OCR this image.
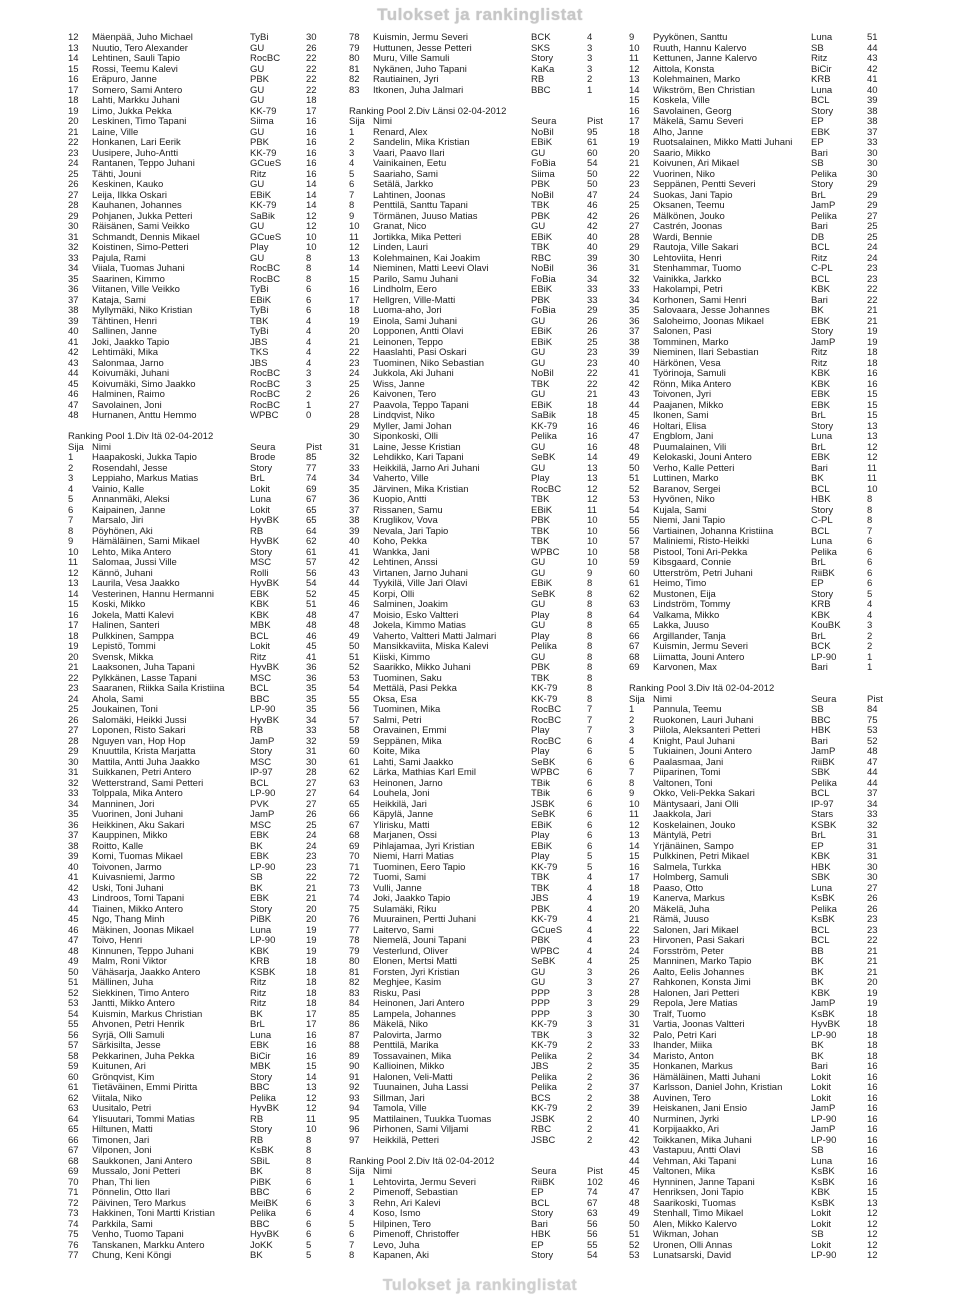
Tulokset ja rankinglistat
12	Mäenpää, Juho Michael	TyBi	30
13	Nuutio, Tero Alexander	GU	26
14	Lehtinen, Sauli Tapio	RocBC	22
15	Rossi, Teemu Kalevi	GU	22
16	Eräpuro, Janne	PBK	22
17	Somero, Sami Antero	GU	22
18	Lahti, Markku Juhani	GU	18
19	Limo, Jukka Pekka	KK-79	17
20	Leskinen, Timo Tapani	Siima	16
21	Laine, Ville	GU	16
22	Honkanen, Lari Eerik	PBK	16
23	Uusipere, Juho-Antti	KK-79	16
24	Rantanen, Teppo Juhani	GCueS	16
25	Tähti, Jouni	Ritz	16
26	Keskinen, Kauko	GU	14
27	Leija, Ilkka Oskari	EBiK	14
28	Kauhanen, Johannes	KK-79	14
29	Pohjanen, Jukka Petteri	SaBik	12
30	Räisänen, Sami Veikko	GU	12
31	Schmandt, Dennis Mikael	GCueS	10
32	Koistinen, Simo-Petteri	Play	10
33	Pajula, Rami	GU	8
34	Viiala, Tuomas Juhani	RocBC	8
35	Saarinen, Kimmo	RocBC	8
36	Viitanen, Ville Veikko	TyBi	6
37	Kataja, Sami	EBiK	6
38	Myllymäki, Niko Kristian	TyBi	6
39	Tähtinen, Henri	TBK	4
40	Sallinen, Janne	TyBi	4
41	Joki, Jaakko Tapio	JBS	4
42	Lehtimäki, Mika	TKS	4
43	Salonmaa, Jarno	JBS	4
44	Koivumäki, Juhani	RocBC	3
45	Koivumäki, Simo Jaakko	RocBC	3
46	Halminen, Raimo	RocBC	2
47	Savolainen, Joni	RocBC	1
48	Hurnanen, Anttu Hemmo	WPBC	0
Ranking Pool 1.Div Itä 02-04-2012
Sija Nimi	Seura	Pist
1	Haapakoski, Jukka Tapio	Brode	85
2	Rosendahl, Jesse	Story	77
3	Leppiaho, Markus Matias	BrL	74
4	Vainio, Kalle	Lokit	69
5	Annanmäki, Aleksi	Luna	67
6	Kaipainen, Janne	Lokit	65
7	Marsalo, Jiri	HyvBK	65
8	Pöyhönen, Aki	RB	64
9	Hämäläinen, Sami Mikael	HyvBK	62
10	Lehto, Mika Antero	Story	61
11	Salomaa, Jussi Ville	MSC	57
12	Kännö, Juhani	Rolli	56
13	Laurila, Vesa Jaakko	HyvBK	54
14	Vesterinen, Hannu Hermanni	EBK	52
15	Koski, Mikko	KBK	51
16	Jokela, Matti Kalevi	KBK	48
17	Halinen, Santeri	MBK	48
18	Pulkkinen, Samppa	BCL	46
19	Lepistö, Tommi	Lokit	45
20	Svensk, Mikka	Ritz	41
21	Laaksonen, Juha Tapani	HyvBK	36
22	Pylkkänen, Lasse Tapani	MSC	36
23	Saaranen, Riikka Saila Kristiina	BCL	35
24	Ahola, Sami	BBC	35
25	Joukainen, Toni	LP-90	35
26	Salomäki, Heikki Jussi	HyvBK	34
27	Loponen, Risto Sakari	RB	33
28	Nguyen van, Hop Hop	JamP	32
29	Knuuttila, Krista Marjatta	Story	31
30	Mattila, Antti Juha Jaakko	MSC	30
31	Suikkanen, Petri Antero	IP-97	28
32	Wetterstrand, Sami Petteri	BCL	27
33	Tolppala, Mika Antero	LP-90	27
34	Manninen, Jori	PVK	27
35	Vuorinen, Joni Juhani	JamP	26
36	Heikkinen, Aku Sakari	MSC	25
37	Kauppinen, Mikko	EBK	24
38	Roitto, Kalle	BK	24
39	Komi, Tuomas Mikael	EBK	23
40	Toivonen, Jarmo	LP-90	23
41	Kuivasniemi, Jarmo	SB	22
42	Uski, Toni Juhani	BK	21
43	Lindroos, Tomi Tapani	EBK	21
44	Tiainen, Mikko Antero	Story	20
45	Ngo, Thang Minh	PiBK	20
46	Mäkinen, Joonas Mikael	Luna	19
47	Toivo, Henri	LP-90	19
48	Kinnunen, Teppo Juhani	KBK	19
49	Malm, Roni Viktor	KRB	18
50	Vähäsarja, Jaakko Antero	KSBK	18
51	Mällinen, Juha	Ritz	18
52	Siekkinen, Timo Antero	Ritz	18
53	Jantti, Mikko Antero	Ritz	18
54	Kuismin, Markus Christian	BK	17
55	Ahvonen, Petri Henrik	BrL	17
56	Syrjä, Olli Samuli	Luna	16
57	Särkisilta, Jesse	EBK	16
58	Pekkarinen, Juha Pekka	BiCir	16
59	Kuitunen, Ari	MBK	15
60	Grönqvist, Kim	Story	14
61	Tietäväinen, Emmi Piritta	BBC	13
62	Viitala, Niko	Pelika	12
63	Uusitalo, Petri	HyvBK	12
64	Ylisuutari, Tommi Matias	RB	11
65	Hiltunen, Matti	Story	10
66	Timonen, Jari	RB	8
67	Vilponen, Joni	KsBK	8
68	Saukkonen, Jani Antero	SBiL	8
69	Mussalo, Joni Petteri	BK	8
70	Phan, Thi lien	PiBK	6
71	Pönnelin, Otto Ilari	BBC	6
72	Päivinen, Tero Markus	MeiBK	6
73	Hakkinen, Toni Martti Kristian	Pelika	6
74	Parkkila, Sami	BBC	6
75	Venho, Tuomo Tapani	HyvBK	6
76	Tanskanen, Markku Antero	JoKK	5
77	Chung, Keni Köngi	BK	5
78	Kuismin, Jermu Severi	BCK	4
79	Huttunen, Jesse Petteri	SKS	3
80	Muru, Ville Samuli	Story	3
81	Nykänen, Juho Tapani	KaKa	3
82	Rautiainen, Jyri	RB	2
83	Itkonen, Juha Jalmari	BBC	1
Ranking Pool 2.Div Länsi 02-04-2012
Sija Nimi	Seura	Pist
1	Renard, Alex	NoBil	95
2	Sandelin, Mika Kristian	EBiK	61
3	Vaari, Paavo Ilari	GU	60
4	Vainikainen, Eetu	FoBia	54
5	Saariaho, Sami	Siima	50
6	Setälä, Jarkko	PBK	50
7	Lahtinen, Joonas	NoBil	47
8	Penttilä, Santtu Tapani	TBK	46
9	Törmänen, Juuso Matias	PBK	42
10	Granat, Nico	GU	42
11	Jortikka, Mika Petteri	EBiK	40
12	Linden, Lauri	TBK	40
13	Kolehmainen, Kai Joakim	RBC	39
14	Nieminen, Matti Leevi Olavi	NoBil	36
15	Parilo, Samu Juhani	FoBia	34
16	Lindholm, Eero	EBiK	33
17	Hellgren, Ville-Matti	PBK	33
18	Luoma-aho, Jori	FoBia	29
19	Einola, Sami Juhani	GU	26
20	Lopponen, Antti Olavi	EBiK	26
21	Leinonen, Teppo	EBiK	25
22	Haaslahti, Pasi Oskari	GU	23
23	Tuominen, Niko Sebastian	GU	23
24	Jukkola, Aki Juhani	NoBil	22
25	Wiss, Janne	TBK	22
26	Kaivonen, Tero	GU	21
27	Paavola, Teppo Tapani	EBiK	18
28	Lindqvist, Niko	SaBik	18
29	Myller, Jami Johan	KK-79	16
30	Siponkoski, Olli	Pelika	16
31	Laine, Jesse Kristian	GU	16
32	Lehdikko, Kari Tapani	SeBK	14
33	Heikkilä, Jarno Ari Juhani	GU	13
34	Vaherto, Ville	Play	13
35	Järvinen, Mika Kristian	RocBC	12
36	Kuopio, Antti	TBK	12
37	Rissanen, Samu	EBiK	11
38	Kruglikov, Vova	PBK	10
39	Nevala, Jari Tapio	TBK	10
40	Koho, Pekka	TBK	10
41	Wankka, Jani	WPBC	10
42	Lehtinen, Anssi	GU	10
43	Virtanen, Jarno Juhani	GU	9
44	Tyykilä, Ville Jari Olavi	EBiK	8
45	Korpi, Olli	SeBK	8
46	Salminen, Joakim	GU	8
47	Moisio, Esko Valtteri	Play	8
48	Jokela, Kimmo Matias	GU	8
49	Vaherto, Valtteri Matti Jalmari	Play	8
50	Mansikkaviita, Miska Kalevi	Pelika	8
51	Kiiski, Kimmo	GU	8
52	Saarikko, Mikko Juhani	PBK	8
53	Tuominen, Saku	TBK	8
54	Mettälä, Pasi Pekka	KK-79	8
55	Oksa, Esa	KK-79	8
56	Tuominen, Mika	RocBC	7
57	Salmi, Petri	RocBC	7
58	Oravainen, Emmi	Play	7
59	Seppänen, Mika	RocBC	6
60	Koite, Mika	Play	6
61	Lahti, Sami Jaakko	SeBK	6
62	Lärka, Mathias Karl Emil	WPBC	6
63	Heinonen, Jarno	TBik	6
64	Louhela, Joni	TBik	6
65	Heikkilä, Jari	JSBK	6
66	Käpylä, Janne	SeBK	6
67	Ylirisku, Matti	EBiK	6
68	Marjanen, Ossi	Play	6
69	Pihlajamaa, Jyri Kristian	EBiK	6
70	Niemi, Harri Matias	Play	5
71	Tuominen, Eero Tapio	KK-79	5
72	Tuomi, Sami	TBK	4
73	Vulli, Janne	TBK	4
74	Joki, Jaakko Tapio	JBS	4
75	Sulamäki, Riku	PBK	4
76	Muurainen, Pertti Juhani	KK-79	4
77	Laitervo, Sami	GCueS	4
78	Niemelä, Jouni Tapani	PBK	4
79	Vesterlund, Oliver	WPBC	4
80	Elonen, Mertsi Matti	SeBK	4
81	Forsten, Jyri Kristian	GU	3
82	Meghjee, Kasim	GU	3
83	Risku, Pasi	PPP	3
84	Heinonen, Jari Antero	PPP	3
85	Lampela, Johannes	PPP	3
86	Mäkelä, Niko	KK-79	3
87	Palovirta, Jarmo	TBK	3
88	Penttilä, Marika	KK-79	2
89	Tossavainen, Mika	Pelika	2
90	Kallioinen, Mikko	JBS	2
91	Halonen, Veli-Matti	Pelika	2
92	Tuunainen, Juha Lassi	Pelika	2
93	Sillman, Jari	BCS	2
94	Tamola, Ville	KK-79	2
95	Mattilainen, Tuukka Tuomas	JSBK	2
96	Pirhonen, Sami Viljami	RBC	2
97	Heikkilä, Petteri	JSBC	2
Ranking Pool 2.Div Itä 02-04-2012
Sija Nimi	Seura	Pist
1	Lehtovirta, Jermu Severi	RiiBK	102
2	Pimenoff, Sebastian	EP	74
3	Rehn, Ari Kalevi	BCL	67
4	Koso, Ismo	Story	63
5	Hilpinen, Tero	Bari	56
6	Pimenoff, Christoffer	HBK	56
7	Levo, Juha	EP	55
8	Kapanen, Aki	Story	54
9	Pyykönen, Santtu	Luna	51
10	Ruuth, Hannu Kalervo	SB	44
11	Kettunen, Janne Kalervo	Ritz	43
12	Aittola, Konsta	BiCir	42
13	Kolehmainen, Marko	KRB	41
14	Wikström, Ben Christian	Luna	40
15	Koskela, Ville	BCL	39
16	Savolainen, Georg	Story	38
17	Mäkelä, Samu Severi	EP	38
18	Alho, Janne	EBK	37
19	Ruotsalainen, Mikko Matti Juhani	EP	33
20	Saario, Mikko	Bari	30
21	Koivunen, Ari Mikael	SB	30
22	Vuorinen, Niko	Pelika	30
23	Seppänen, Pentti Severi	Story	29
24	Suokas, Jani Tapio	BrL	29
25	Oksanen, Teemu	JamP	29
26	Mälkönen, Jouko	Pelika	27
27	Castrén, Joonas	Bari	25
28	Wardi, Bennie	DB	25
29	Rautoja, Ville Sakari	BCL	24
30	Lehtoviita, Henri	Ritz	24
31	Stenhammar, Tuomo	C-PL	23
32	Vainikka, Jarkko	BCL	23
33	Hakolampi, Petri	KBK	22
34	Korhonen, Sami Henri	Bari	22
35	Salovaara, Jesse Johannes	BK	21
36	Saloheimo, Joonas Mikael	EBK	21
37	Salonen, Pasi	Story	19
38	Tomminen, Marko	JamP	19
39	Nieminen, Ilari Sebastian	Ritz	18
40	Härkönen, Vesa	Ritz	18
41	Työrinoja, Samuli	KBK	16
42	Rönn, Mika Antero	KBK	16
43	Toivonen, Jyri	EBK	15
44	Paajanen, Mikko	EBK	15
45	Ikonen, Sami	BrL	15
46	Holtari, Elisa	Story	13
47	Engblom, Jani	Luna	13
48	Puumalainen, Vili	BrL	12
49	Kelokaski, Jouni Antero	EBK	12
50	Verho, Kalle Petteri	Bari	11
51	Luttinen, Marko	BK	11
52	Baranov, Sergei	BCL	10
53	Hyvönen, Niko	HBK	8
54	Kujala, Sami	Story	8
55	Niemi, Jani Tapio	C-PL	8
56	Vartiainen, Johanna Kristiina	BCL	7
57	Maliniemi, Risto-Heikki	Luna	6
58	Pistool, Toni Ari-Pekka	Pelika	6
59	Kibsgaard, Connie	BrL	6
60	Utterström, Petri Juhani	RiiBK	6
61	Heimo, Timo	EP	6
62	Mustonen, Eija	Story	5
63	Lindström, Tommy	KRB	4
64	Valkama, Mikko	KBK	4
65	Lakka, Juuso	KouBK	3
66	Argillander, Tanja	BrL	2
67	Kuismin, Jermu Severi	BCK	2
68	Liimatta, Jouni Antero	LP-90	1
69	Karvonen, Max	Bari	1
Ranking Pool 3.Div Itä 02-04-2012
Sija Nimi	Seura	Pist
1	Pannula, Teemu	SB	84
2	Ruokonen, Lauri Juhani	BBC	75
3	Piilola, Aleksanteri Petteri	HBK	53
4	Knight, Paul Juhani	Bari	52
5	Tukiainen, Jouni Antero	JamP	48
6	Paalasmaa, Jani	RiiBK	47
7	Piiparinen, Tomi	SBK	44
8	Valtonen, Toni	Pelika	44
9	Okko, Veli-Pekka Sakari	BCL	37
10	Mäntysaari, Jani Olli	IP-97	34
11	Jaakkola, Jari	Stars	33
12	Koskelainen, Jouko	KSBK	32
13	Mäntylä, Petri	BrL	31
14	Yrjänäinen, Sampo	EP	31
15	Pulkkinen, Petri Mikael	KBK	31
16	Salmela, Turkka	HBK	30
17	Holmberg, Samuli	SBK	30
18	Paaso, Otto	Luna	27
19	Kanerva, Markus	KsBK	26
20	Mäkelä, Juha	Pelika	26
21	Rämä, Juuso	KsBK	23
22	Salonen, Jari Mikael	BCL	23
23	Hirvonen, Pasi Sakari	BCL	22
24	Forsström, Peter	BB	21
25	Manninen, Marko Tapio	BK	21
26	Aalto, Eelis Johannes	BK	21
27	Rahkonen, Konsta Jimi	BK	20
28	Halonen, Jari Petteri	KBK	19
29	Repola, Jere Matias	JamP	19
30	Tralf, Tuomo	KsBK	18
31	Vartia, Joonas Valtteri	HyvBK	18
32	Palo, Petri Kari	LP-90	18
33	Ihander, Miika	BK	18
34	Maristo, Anton	BK	18
35	Honkanen, Markus	Bari	16
36	Hämäläinen, Matti Juhani	Lokit	16
37	Karlsson, Daniel John, Kristian	Lokit	16
38	Auvinen, Tero	Lokit	16
39	Heiskanen, Jani Ensio	JamP	16
40	Nurminen, Jyrki	LP-90	16
41	Korpijaakko, Ari	JamP	16
42	Toikkanen, Mika Juhani	LP-90	16
43	Vastapuu, Antti Olavi	SB	16
44	Vehman, Aki Tapani	Luna	16
45	Valtonen, Mika	KsBK	16
46	Hynninen, Janne Tapani	KsBK	16
47	Henriksen, Joni Tapio	KBK	15
48	Saarikoski, Tuomas	KsBK	13
49	Stenhall, Timo Mikael	Lokit	12
50	Alen, Mikko Kalervo	Lokit	12
51	Wikman, Johan	SB	12
52	Uronen, Olli Annas	Lokit	12
53	Lunatsarski, David	LP-90	12
Tulokset ja rankinglistat
